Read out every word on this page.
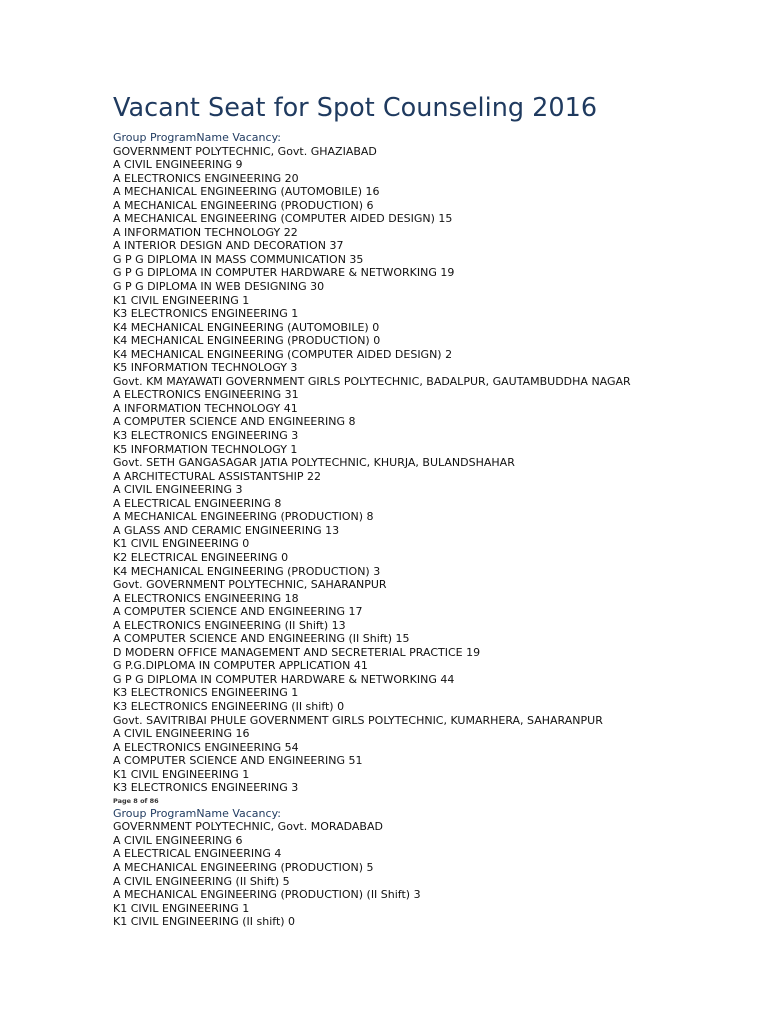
Vacant Seat for Spot Counseling 2016
Group ProgramName Vacancy:
GOVERNMENT POLYTECHNIC, Govt. GHAZIABAD
A CIVIL ENGINEERING 9
A ELECTRONICS ENGINEERING 20
A MECHANICAL ENGINEERING (AUTOMOBILE) 16
A MECHANICAL ENGINEERING (PRODUCTION) 6
A MECHANICAL ENGINEERING (COMPUTER AIDED DESIGN) 15
A INFORMATION TECHNOLOGY 22
A INTERIOR DESIGN AND DECORATION 37
G P G DIPLOMA IN MASS COMMUNICATION 35
G P G DIPLOMA IN COMPUTER HARDWARE & NETWORKING 19
G P G DIPLOMA IN WEB DESIGNING 30
K1 CIVIL ENGINEERING 1
K3 ELECTRONICS ENGINEERING 1
K4 MECHANICAL ENGINEERING (AUTOMOBILE) 0
K4 MECHANICAL ENGINEERING (PRODUCTION) 0
K4 MECHANICAL ENGINEERING (COMPUTER AIDED DESIGN) 2
K5 INFORMATION TECHNOLOGY 3
Govt. KM MAYAWATI GOVERNMENT GIRLS POLYTECHNIC, BADALPUR, GAUTAMBUDDHA NAGAR
A ELECTRONICS ENGINEERING 31
A INFORMATION TECHNOLOGY 41
A COMPUTER SCIENCE AND ENGINEERING 8
K3 ELECTRONICS ENGINEERING 3
K5 INFORMATION TECHNOLOGY 1
Govt. SETH GANGASAGAR JATIA POLYTECHNIC, KHURJA, BULANDSHAHAR
A ARCHITECTURAL ASSISTANTSHIP 22
A CIVIL ENGINEERING 3
A ELECTRICAL ENGINEERING 8
A MECHANICAL ENGINEERING (PRODUCTION) 8
A GLASS AND CERAMIC ENGINEERING 13
K1 CIVIL ENGINEERING 0
K2 ELECTRICAL ENGINEERING 0
K4 MECHANICAL ENGINEERING (PRODUCTION) 3
Govt. GOVERNMENT POLYTECHNIC, SAHARANPUR
A ELECTRONICS ENGINEERING 18
A COMPUTER SCIENCE AND ENGINEERING 17
A ELECTRONICS ENGINEERING (II Shift) 13
A COMPUTER SCIENCE AND ENGINEERING (II Shift) 15
D MODERN OFFICE MANAGEMENT AND SECRETERIAL PRACTICE 19
G P.G.DIPLOMA IN COMPUTER APPLICATION 41
G P G DIPLOMA IN COMPUTER HARDWARE & NETWORKING 44
K3 ELECTRONICS ENGINEERING 1
K3 ELECTRONICS ENGINEERING (II shift) 0
Govt. SAVITRIBAI PHULE GOVERNMENT GIRLS POLYTECHNIC, KUMARHERA, SAHARANPUR
A CIVIL ENGINEERING 16
A ELECTRONICS ENGINEERING 54
A COMPUTER SCIENCE AND ENGINEERING 51
K1 CIVIL ENGINEERING 1
K3 ELECTRONICS ENGINEERING 3
Page 8 of 86
Group ProgramName Vacancy:
GOVERNMENT POLYTECHNIC, Govt. MORADABAD
A CIVIL ENGINEERING 6
A ELECTRICAL ENGINEERING 4
A MECHANICAL ENGINEERING (PRODUCTION) 5
A CIVIL ENGINEERING (II Shift) 5
A MECHANICAL ENGINEERING (PRODUCTION) (II Shift) 3
K1 CIVIL ENGINEERING 1
K1 CIVIL ENGINEERING (II shift) 0
